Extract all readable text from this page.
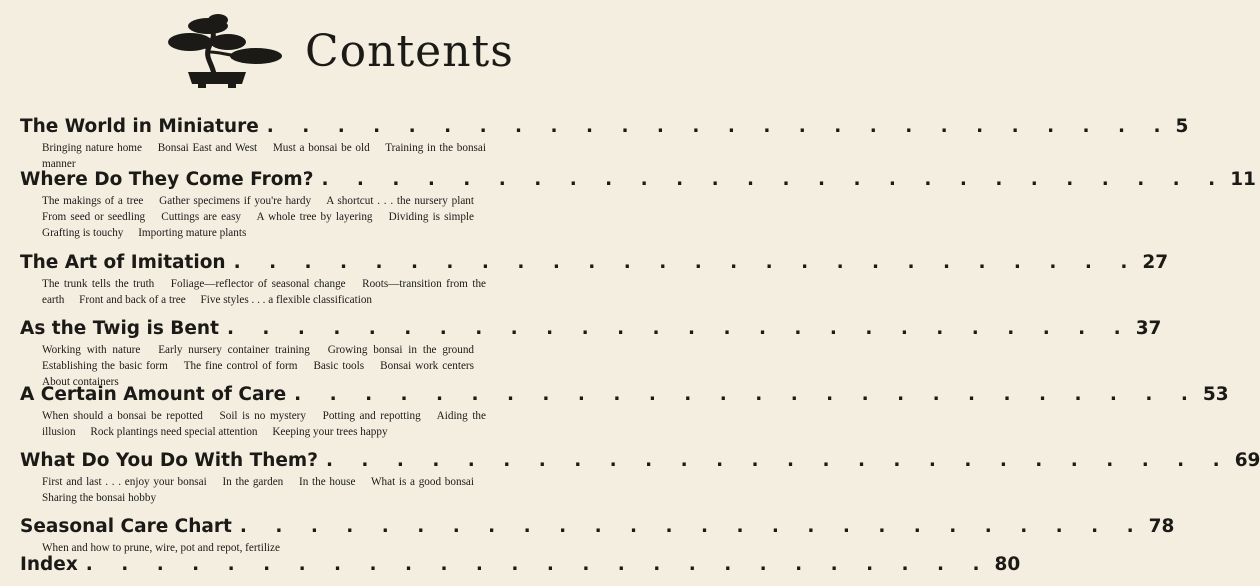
Contents
The World in Miniature . . . . . . . . . . . . . . . . . . . . . . . . . . 5
Bringing nature home Bonsai East and West Must a bonsai be old Training in the bonsai manner
Where Do They Come From? . . . . . . . . . . . . . . . . . . . . . . . . . . 11
The makings of a tree Gather specimens if you're hardy A shortcut . . . the nursery plant From seed or seedling Cuttings are easy A whole tree by layering Dividing is simple Grafting is touchy Importing mature plants
The Art of Imitation . . . . . . . . . . . . . . . . . . . . . . . . . . 27
The trunk tells the truth Foliage—reflector of seasonal change Roots—transition from the earth Front and back of a tree Five styles . . . a flexible classification
As the Twig is Bent . . . . . . . . . . . . . . . . . . . . . . . . . . 37
Working with nature Early nursery container training Growing bonsai in the ground Establishing the basic form The fine control of form Basic tools Bonsai work centers About containers
A Certain Amount of Care . . . . . . . . . . . . . . . . . . . . . . . . . . 53
When should a bonsai be repotted Soil is no mystery Potting and repotting Aiding the illusion Rock plantings need special attention Keeping your trees happy
What Do You Do With Them? . . . . . . . . . . . . . . . . . . . . . . . . . . 69
First and last . . . enjoy your bonsai In the garden In the house What is a good bonsai Sharing the bonsai hobby
Seasonal Care Chart . . . . . . . . . . . . . . . . . . . . . . . . . . 78
When and how to prune, wire, pot and repot, fertilize
Index . . . . . . . . . . . . . . . . . . . . . . . . . . 80
